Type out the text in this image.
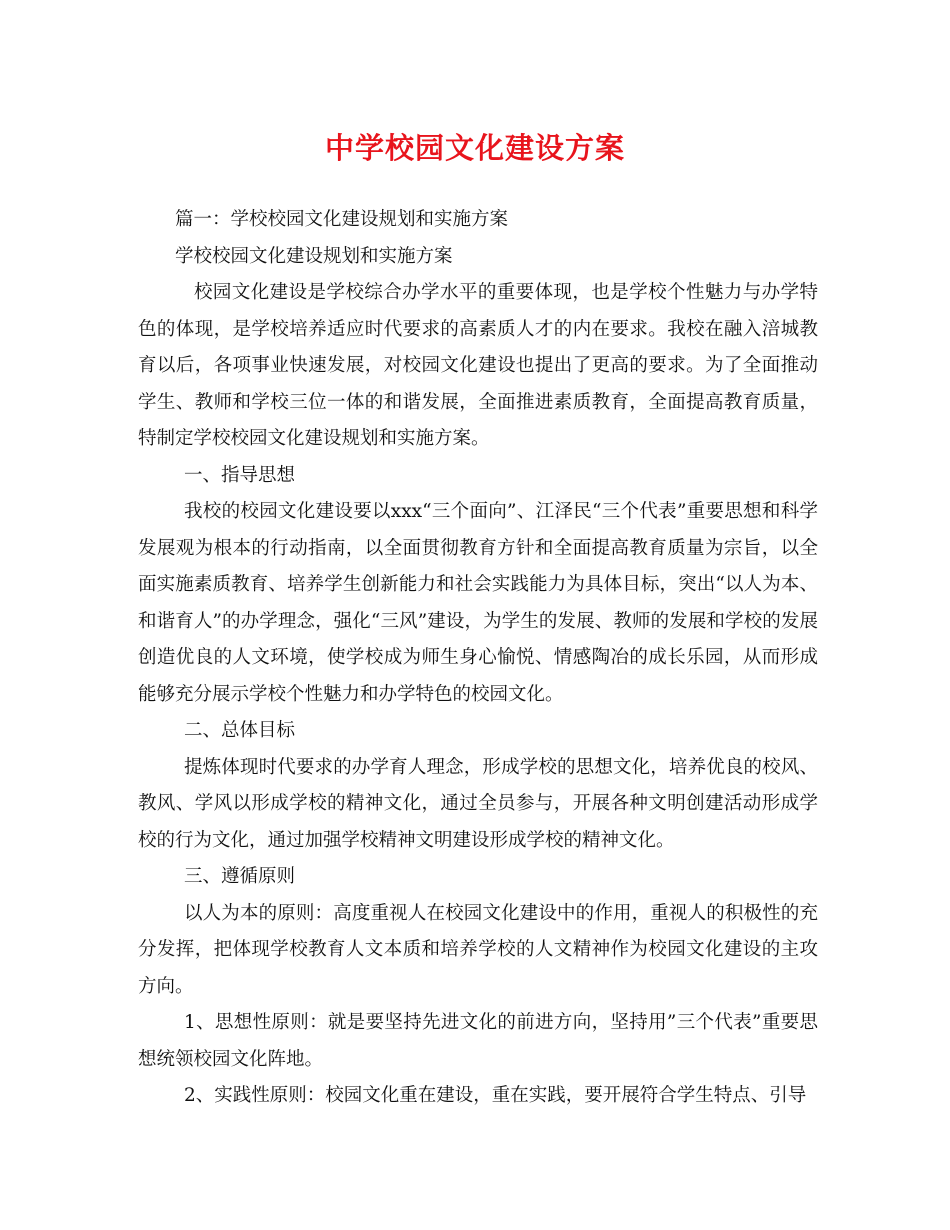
中学校园文化建设方案

篇一：学校校园文化建设规划和实施方案

学校校园文化建设规划和实施方案

校园文化建设是学校综合办学水平的重要体现，也是学校个性魅力与办学特色的体现，是学校培养适应时代要求的高素质人才的内在要求。我校在融入涪城教育以后，各项事业快速发展，对校园文化建设也提出了更高的要求。为了全面推动学生、教师和学校三位一体的和谐发展，全面推进素质教育，全面提高教育质量，特制定学校校园文化建设规划和实施方案。

一、指导思想

我校的校园文化建设要以xxx“三个面向”、江泽民“三个代表”重要思想和科学发展观为根本的行动指南，以全面贯彻教育方针和全面提高教育质量为宗旨，以全面实施素质教育、培养学生创新能力和社会实践能力为具体目标，突出“以人为本、和谐育人”的办学理念，强化“三风”建设，为学生的发展、教师的发展和学校的发展创造优良的人文环境，使学校成为师生身心愉悦、情感陶冶的成长乐园，从而形成能够充分展示学校个性魅力和办学特色的校园文化。

二、总体目标

提炼体现时代要求的办学育人理念，形成学校的思想文化，培养优良的校风、教风、学风以形成学校的精神文化，通过全员参与，开展各种文明创建活动形成学校的行为文化，通过加强学校精神文明建设形成学校的精神文化。

三、遵循原则

以人为本的原则：高度重视人在校园文化建设中的作用，重视人的积极性的充分发挥，把体现学校教育人文本质和培养学校的人文精神作为校园文化建设的主攻方向。

1、思想性原则：就是要坚持先进文化的前进方向，坚持用”三个代表”重要思想统领校园文化阵地。

2、实践性原则：校园文化重在建设，重在实践，要开展符合学生特点、引导
